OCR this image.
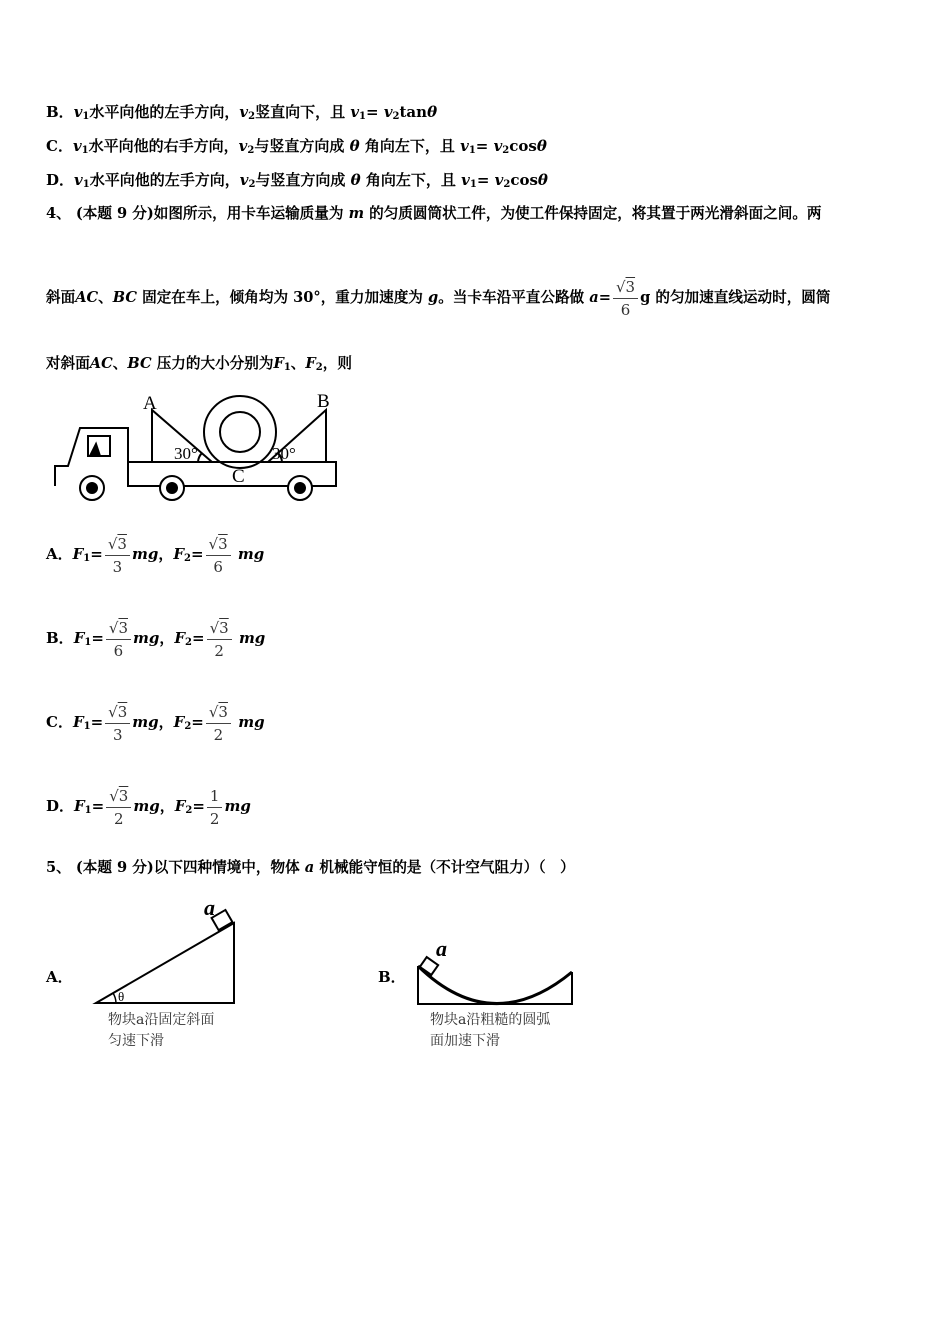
B．$v_1$水平向他的左手方向，$v_2$竖直向下，且 $v_1= v_2\tan\theta$
C．$v_1$水平向他的右手方向，$v_2$与竖直方向成 θ 角向左下，且 $v_1= v_2\cos\theta$
D．$v_1$水平向他的左手方向，$v_2$与竖直方向成 θ 角向左下，且 $v_1= v_2\cos\theta$
4、 (本题 9 分)如图所示，用卡车运输质量为 m 的匀质圆筒状工件，为使工件保持固定，将其置于两光滑斜面之间。两
斜面AC、BC 固定在车上，倾角均为 30°，重力加速度为 g。当卡车沿平直公路做 $a= \frac{√3}{6}$ g 的匀加速直线运动时，圆筒
对斜面AC、BC 压力的大小分别为$F_1$、$F_2$，则
A	B
C
30°	30°
A．$F_1= \frac{√3}{3}$ mg，$F_2= \frac{√3}{6}$ mg
B．$F_1= \frac{√3}{6}$ mg，$F_2= \frac{√3}{2}$ mg
C．$F_1= \frac{√3}{3}$ mg，$F_2= \frac{√3}{2}$ mg
D．$F_1= \frac{√3}{2}$ mg，$F_2= \frac{1}{2}$ mg
5、 (本题 9 分)以下四种情境中，物体 a 机械能守恒的是（不计空气阻力）（　）
A．
a
θ
物块a沿固定斜面
匀速下滑
B．
a
物块a沿粗糙的圆弧
面加速下滑
